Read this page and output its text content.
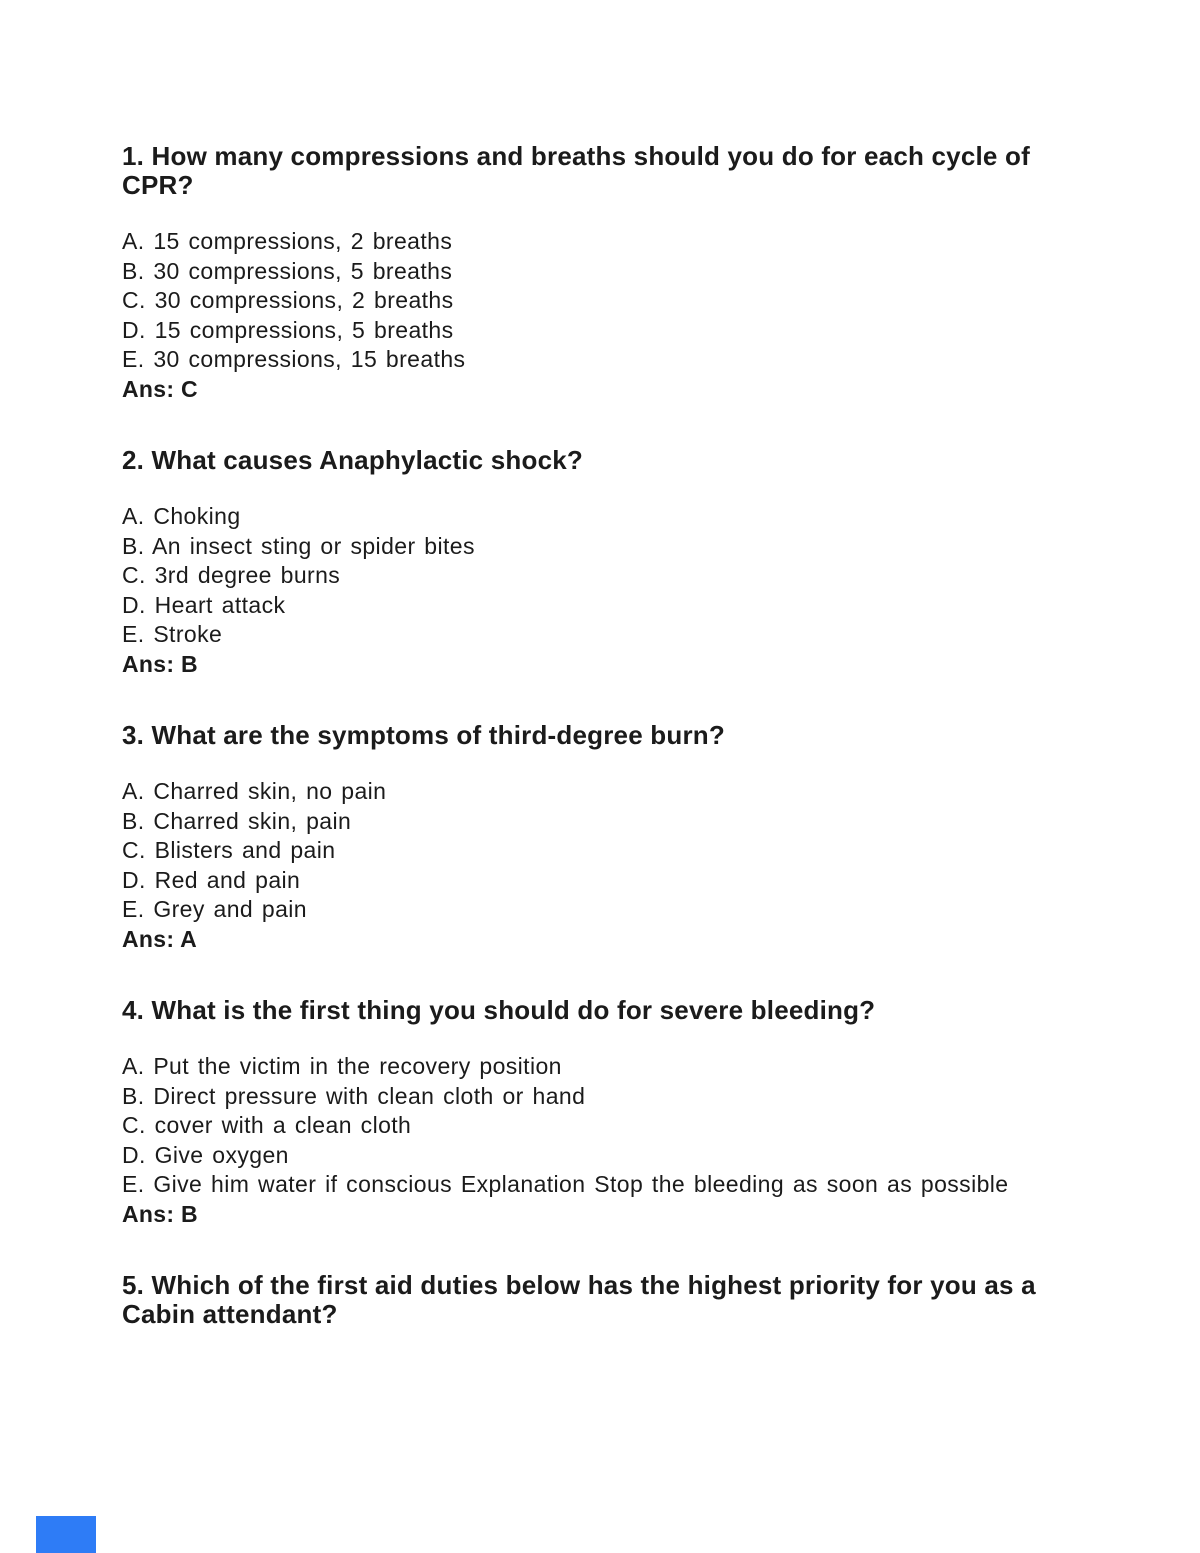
1. How many compressions and breaths should you do for each cycle of CPR?
A. 15 compressions, 2 breaths
B. 30 compressions, 5 breaths
C. 30 compressions, 2 breaths
D. 15 compressions, 5 breaths
E. 30 compressions, 15 breaths
Ans: C
2. What causes Anaphylactic shock?
A. Choking
B. An insect sting or spider bites
C. 3rd degree burns
D. Heart attack
E. Stroke
Ans: B
3. What are the symptoms of third-degree burn?
A. Charred skin, no pain
B. Charred skin, pain
C. Blisters and pain
D. Red and pain
E. Grey and pain
Ans: A
4. What is the first thing you should do for severe bleeding?
A. Put the victim in the recovery position
B. Direct pressure with clean cloth or hand
C. cover with a clean cloth
D. Give oxygen
E. Give him water if conscious Explanation Stop the bleeding as soon as possible
Ans: B
5. Which of the first aid duties below has the highest priority for you as a Cabin attendant?
